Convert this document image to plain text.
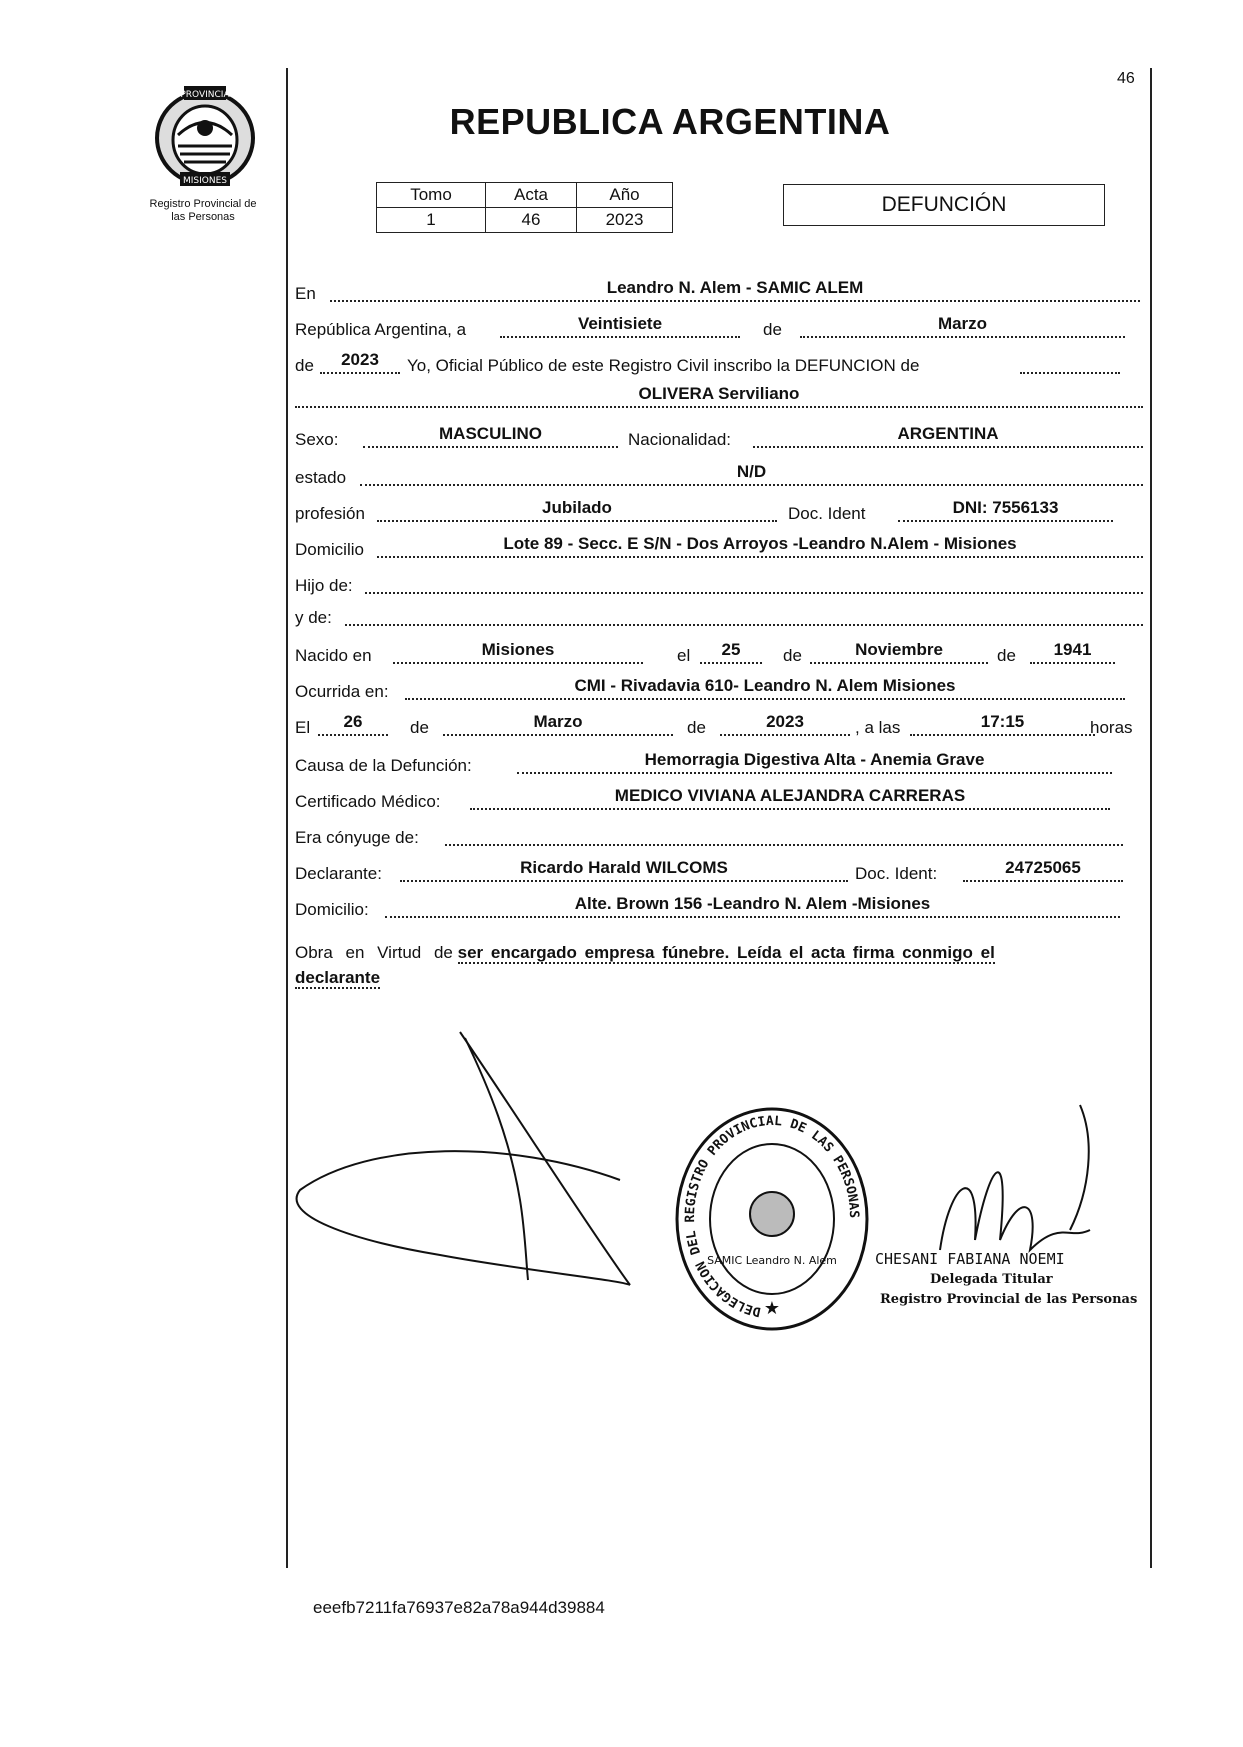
PROVINCIA
MISIONES
Registro Provincial de
las Personas
46
REPUBLICA ARGENTINA
Tomo	Acta	Año
1	46	2023
DEFUNCIÓN
En	Leandro N. Alem - SAMIC ALEM
República Argentina, a	Veintisiete	de	Marzo
de	2023	Yo, Oficial Público de este Registro Civil inscribo la DEFUNCION de
OLIVERA Serviliano
Sexo:	MASCULINO	Nacionalidad:	ARGENTINA
estado	N/D
profesión	Jubilado	Doc. Ident	DNI: 7556133
Domicilio	Lote 89 - Secc. E S/N - Dos Arroyos -Leandro N.Alem - Misiones
Hijo de:
y de:
Nacido en	Misiones	el	25	de	Noviembre	de	1941
Ocurrida en:	CMI - Rivadavia 610- Leandro N. Alem Misiones
El	26	de	Marzo	de	2023	, a las	17:15	horas
Causa de la Defunción:	Hemorragia Digestiva Alta - Anemia Grave
Certificado Médico:	MEDICO VIVIANA ALEJANDRA CARRERAS
Era cónyuge de:
Declarante:	Ricardo Harald WILCOMS	Doc. Ident:	24725065
Domicilio:	Alte. Brown 156 -Leandro N. Alem -Misiones
Obra en Virtud de ser encargado empresa fúnebre. Leída el acta firma conmigo el
declarante
DELEGACION DEL REGISTRO PROVINCIAL DE LAS PERSONAS
SAMIC Leandro N. Alem
★
CHESANI FABIANA NOEMI
Delegada Titular
Registro Provincial de las Personas
eeefb7211fa76937e82a78a944d39884
